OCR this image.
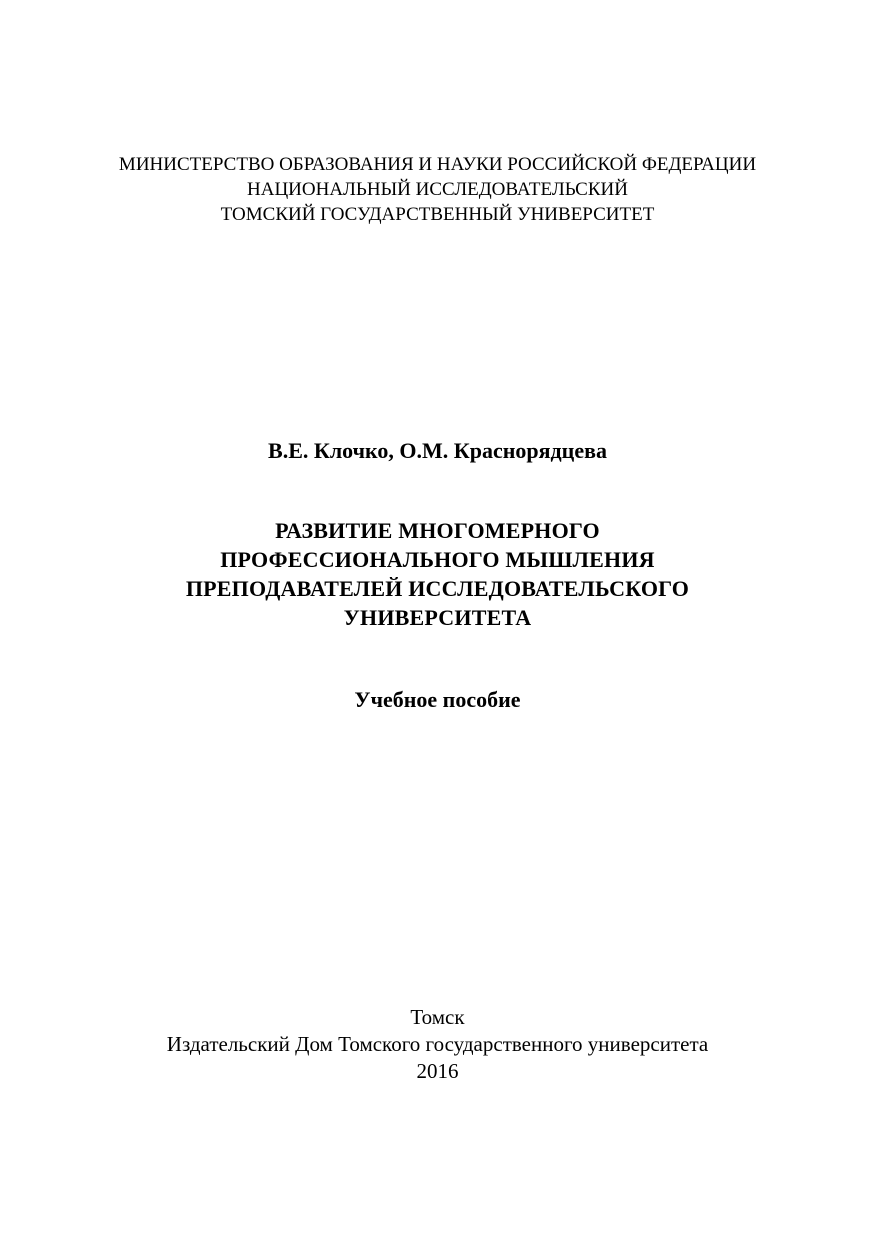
МИНИСТЕРСТВО ОБРАЗОВАНИЯ И НАУКИ РОССИЙСКОЙ ФЕДЕРАЦИИ
НАЦИОНАЛЬНЫЙ ИССЛЕДОВАТЕЛЬСКИЙ
ТОМСКИЙ ГОСУДАРСТВЕННЫЙ УНИВЕРСИТЕТ
В.Е. Клочко, О.М. Краснорядцева
РАЗВИТИЕ МНОГОМЕРНОГО
ПРОФЕССИОНАЛЬНОГО МЫШЛЕНИЯ
ПРЕПОДАВАТЕЛЕЙ ИССЛЕДОВАТЕЛЬСКОГО
УНИВЕРСИТЕТА
Учебное пособие
Томск
Издательский Дом Томского государственного университета
2016
